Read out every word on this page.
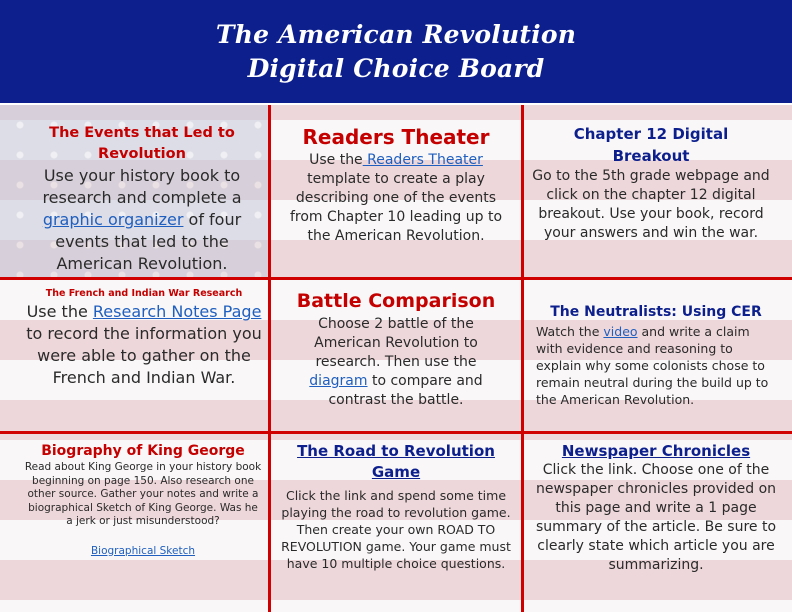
The American Revolution
Digital Choice Board
The Events that Led to Revolution
Use your history book to research and complete a graphic organizer of four events that led to the American Revolution.
Readers Theater
Use the Readers Theater template to create a play describing one of the events from Chapter 10 leading up to the American Revolution.
Chapter 12 Digital Breakout
Go to the 5th grade webpage and click on the chapter 12 digital breakout. Use your book, record your answers and win the war.
The French and Indian War Research
Use the Research Notes Page to record the information you were able to gather on the French and Indian War.
Battle Comparison
Choose 2 battle of the American Revolution to research. Then use the diagram to compare and contrast the battle.
The Neutralists: Using CER
Watch the video and write a claim with evidence and reasoning to explain why some colonists chose to remain neutral during the build up to the American Revolution.
Biography of King George
Read about King George in your history book beginning on page 150. Also research one other source. Gather your notes and write a biographical Sketch of King George. Was he a jerk or just misunderstood?
Biographical Sketch
The Road to Revolution Game
Click the link and spend some time playing the road to revolution game. Then create your own ROAD TO REVOLUTION game. Your game must have 10 multiple choice questions.
Newspaper Chronicles
Click the link. Choose one of the newspaper chronicles provided on this page and write a 1 page summary of the article. Be sure to clearly state which article you are summarizing.
